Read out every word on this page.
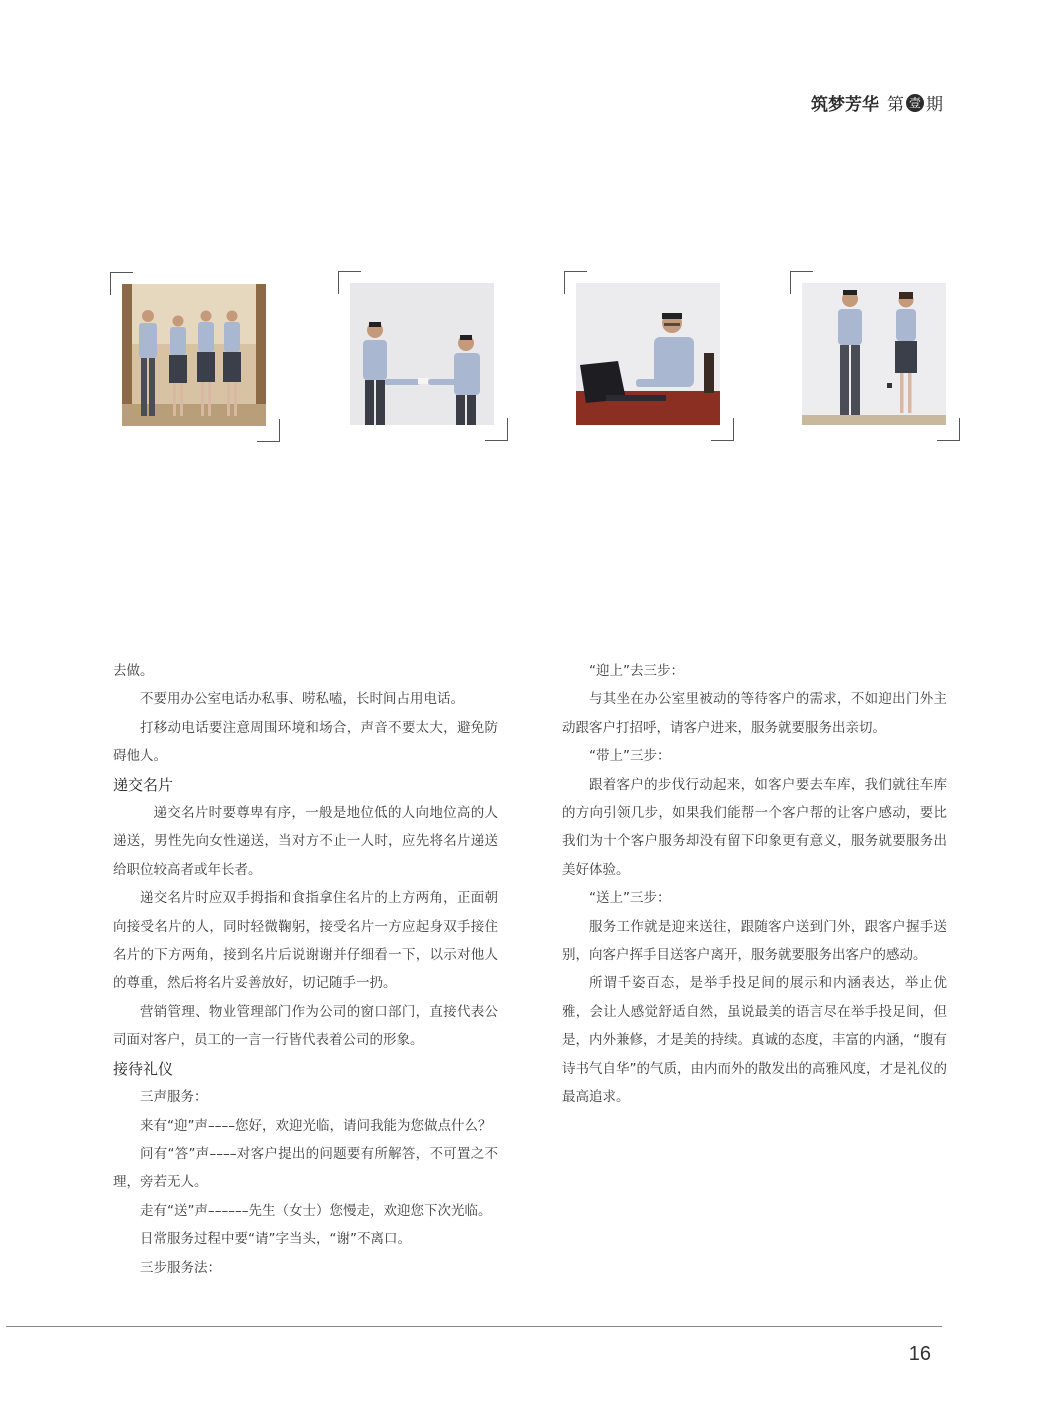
筑梦芳华 第 壹 期

去做。

不要用办公室电话办私事、唠私嗑，长时间占用电话。

打移动电话要注意周围环境和场合，声音不要太大，避免防碍他人。

递交名片

递交名片时要尊卑有序，一般是地位低的人向地位高的人递送，男性先向女性递送，当对方不止一人时，应先将名片递送给职位较高者或年长者。

递交名片时应双手拇指和食指拿住名片的上方两角，正面朝向接受名片的人，同时轻微鞠躬，接受名片一方应起身双手接住名片的下方两角，接到名片后说谢谢并仔细看一下，以示对他人的尊重，然后将名片妥善放好，切记随手一扔。

营销管理、物业管理部门作为公司的窗口部门，直接代表公司面对客户，员工的一言一行皆代表着公司的形象。

接待礼仪

三声服务：

来有“迎”声––––您好，欢迎光临，请问我能为您做点什么？

问有“答”声––––对客户提出的问题要有所解答，不可置之不理，旁若无人。

走有“送”声––––––先生（女士）您慢走，欢迎您下次光临。

日常服务过程中要“请”字当头，“谢”不离口。

三步服务法：

“迎上”去三步：

与其坐在办公室里被动的等待客户的需求，不如迎出门外主动跟客户打招呼，请客户进来，服务就要服务出亲切。

“带上”三步：

跟着客户的步伐行动起来，如客户要去车库，我们就往车库的方向引领几步，如果我们能帮一个客户帮的让客户感动，要比我们为十个客户服务却没有留下印象更有意义，服务就要服务出美好体验。

“送上”三步：

服务工作就是迎来送往，跟随客户送到门外，跟客户握手送别，向客户挥手目送客户离开，服务就要服务出客户的感动。

所谓千姿百态，是举手投足间的展示和内涵表达，举止优雅，会让人感觉舒适自然，虽说最美的语言尽在举手投足间，但是，内外兼修，才是美的持续。真诚的态度，丰富的内涵，“腹有诗书气自华”的气质，由内而外的散发出的高雅风度，才是礼仪的最高追求。

16
